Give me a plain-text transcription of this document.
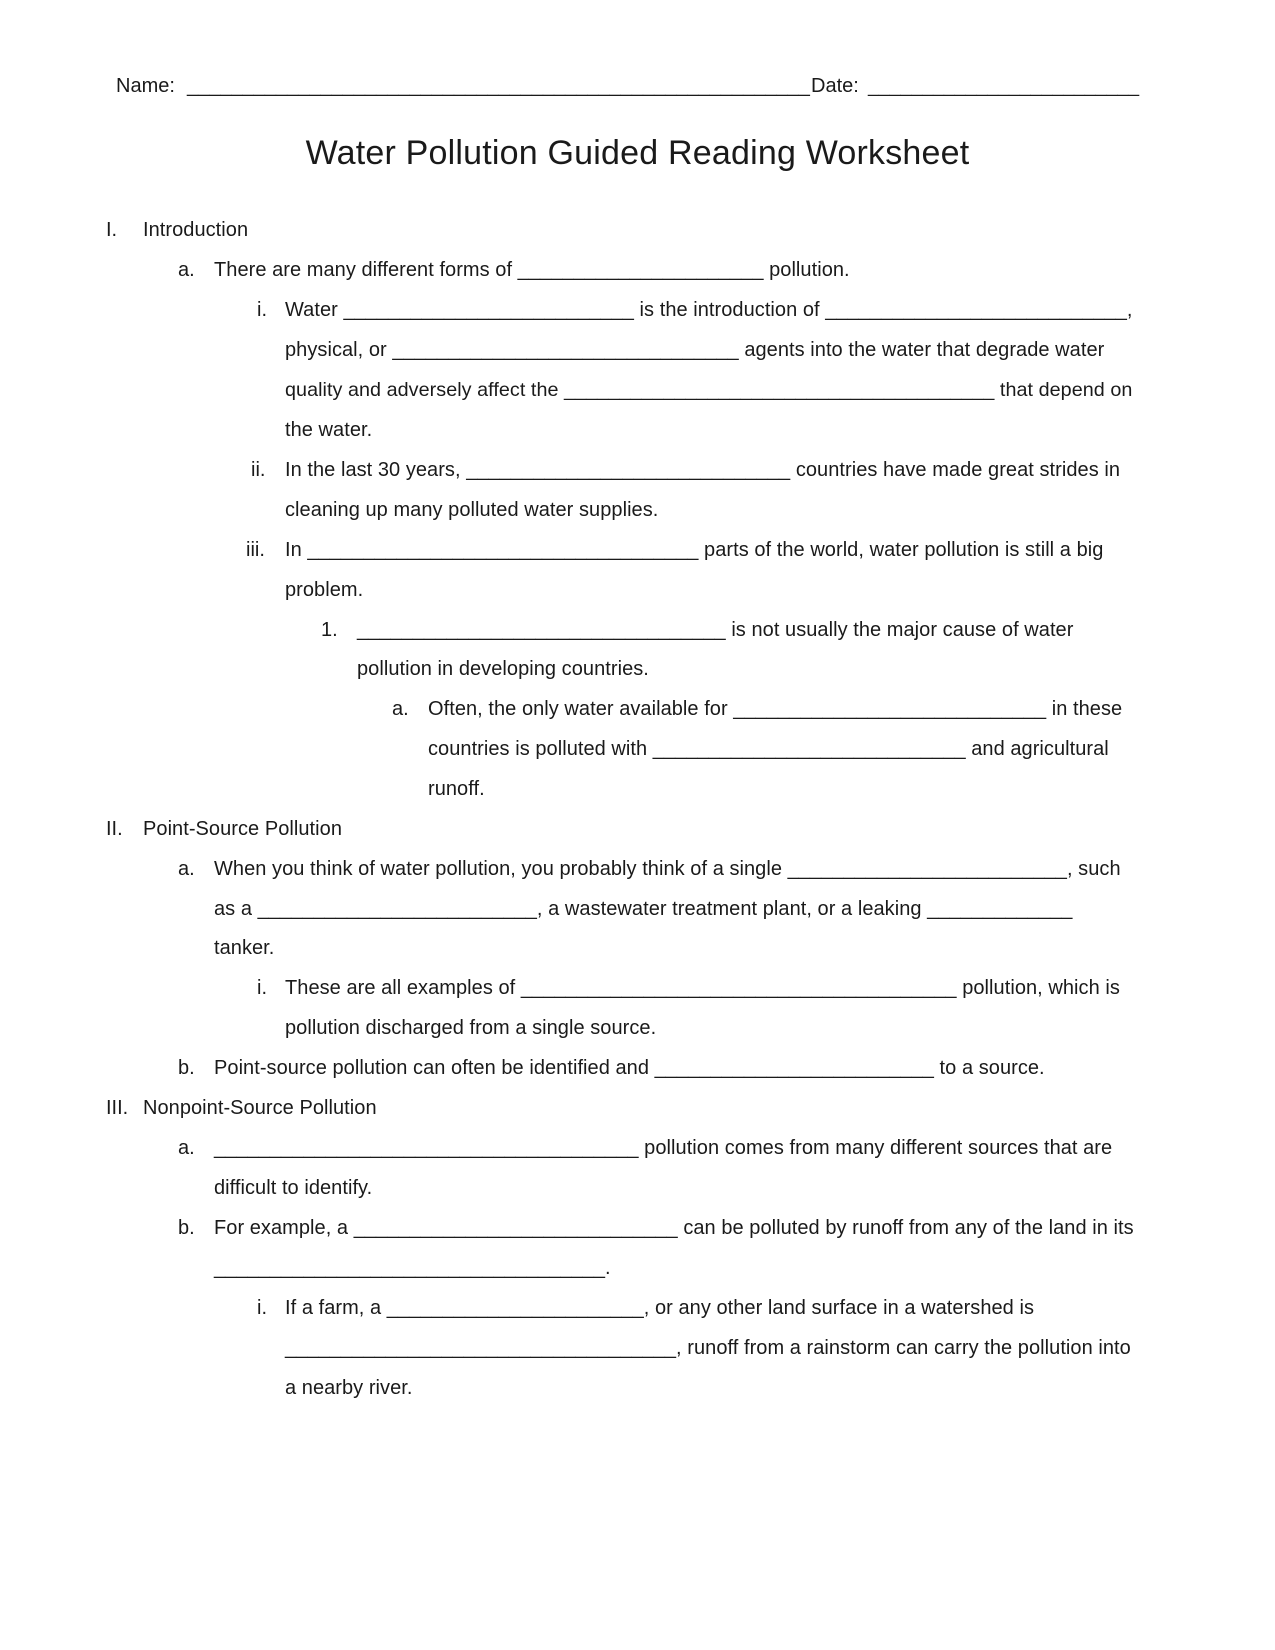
Name: ________________________________________________________ Date: _________________________
Water Pollution Guided Reading Worksheet
I. Introduction
a. There are many different forms of ______________________ pollution.
i. Water __________________________ is the introduction of ___________________________,
physical, or _______________________________ agents into the water that degrade water
quality and adversely affect the _______________________________________ that depend on
the water.
ii. In the last 30 years, _____________________________ countries have made great strides in
cleaning up many polluted water supplies.
iii. In ___________________________________ parts of the world, water pollution is still a big
problem.
1. _________________________________ is not usually the major cause of water
pollution in developing countries.
a. Often, the only water available for ____________________________ in these
countries is polluted with ____________________________ and agricultural
runoff.
II. Point-Source Pollution
a. When you think of water pollution, you probably think of a single _________________________, such
as a _________________________, a wastewater treatment plant, or a leaking _____________
tanker.
i. These are all examples of _______________________________________ pollution, which is
pollution discharged from a single source.
b. Point-source pollution can often be identified and _________________________ to a source.
III. Nonpoint-Source Pollution
a. ______________________________________ pollution comes from many different sources that are
difficult to identify.
b. For example, a _____________________________ can be polluted by runoff from any of the land in its
___________________________________.
i. If a farm, a _______________________, or any other land surface in a watershed is
___________________________________, runoff from a rainstorm can carry the pollution into
a nearby river.
